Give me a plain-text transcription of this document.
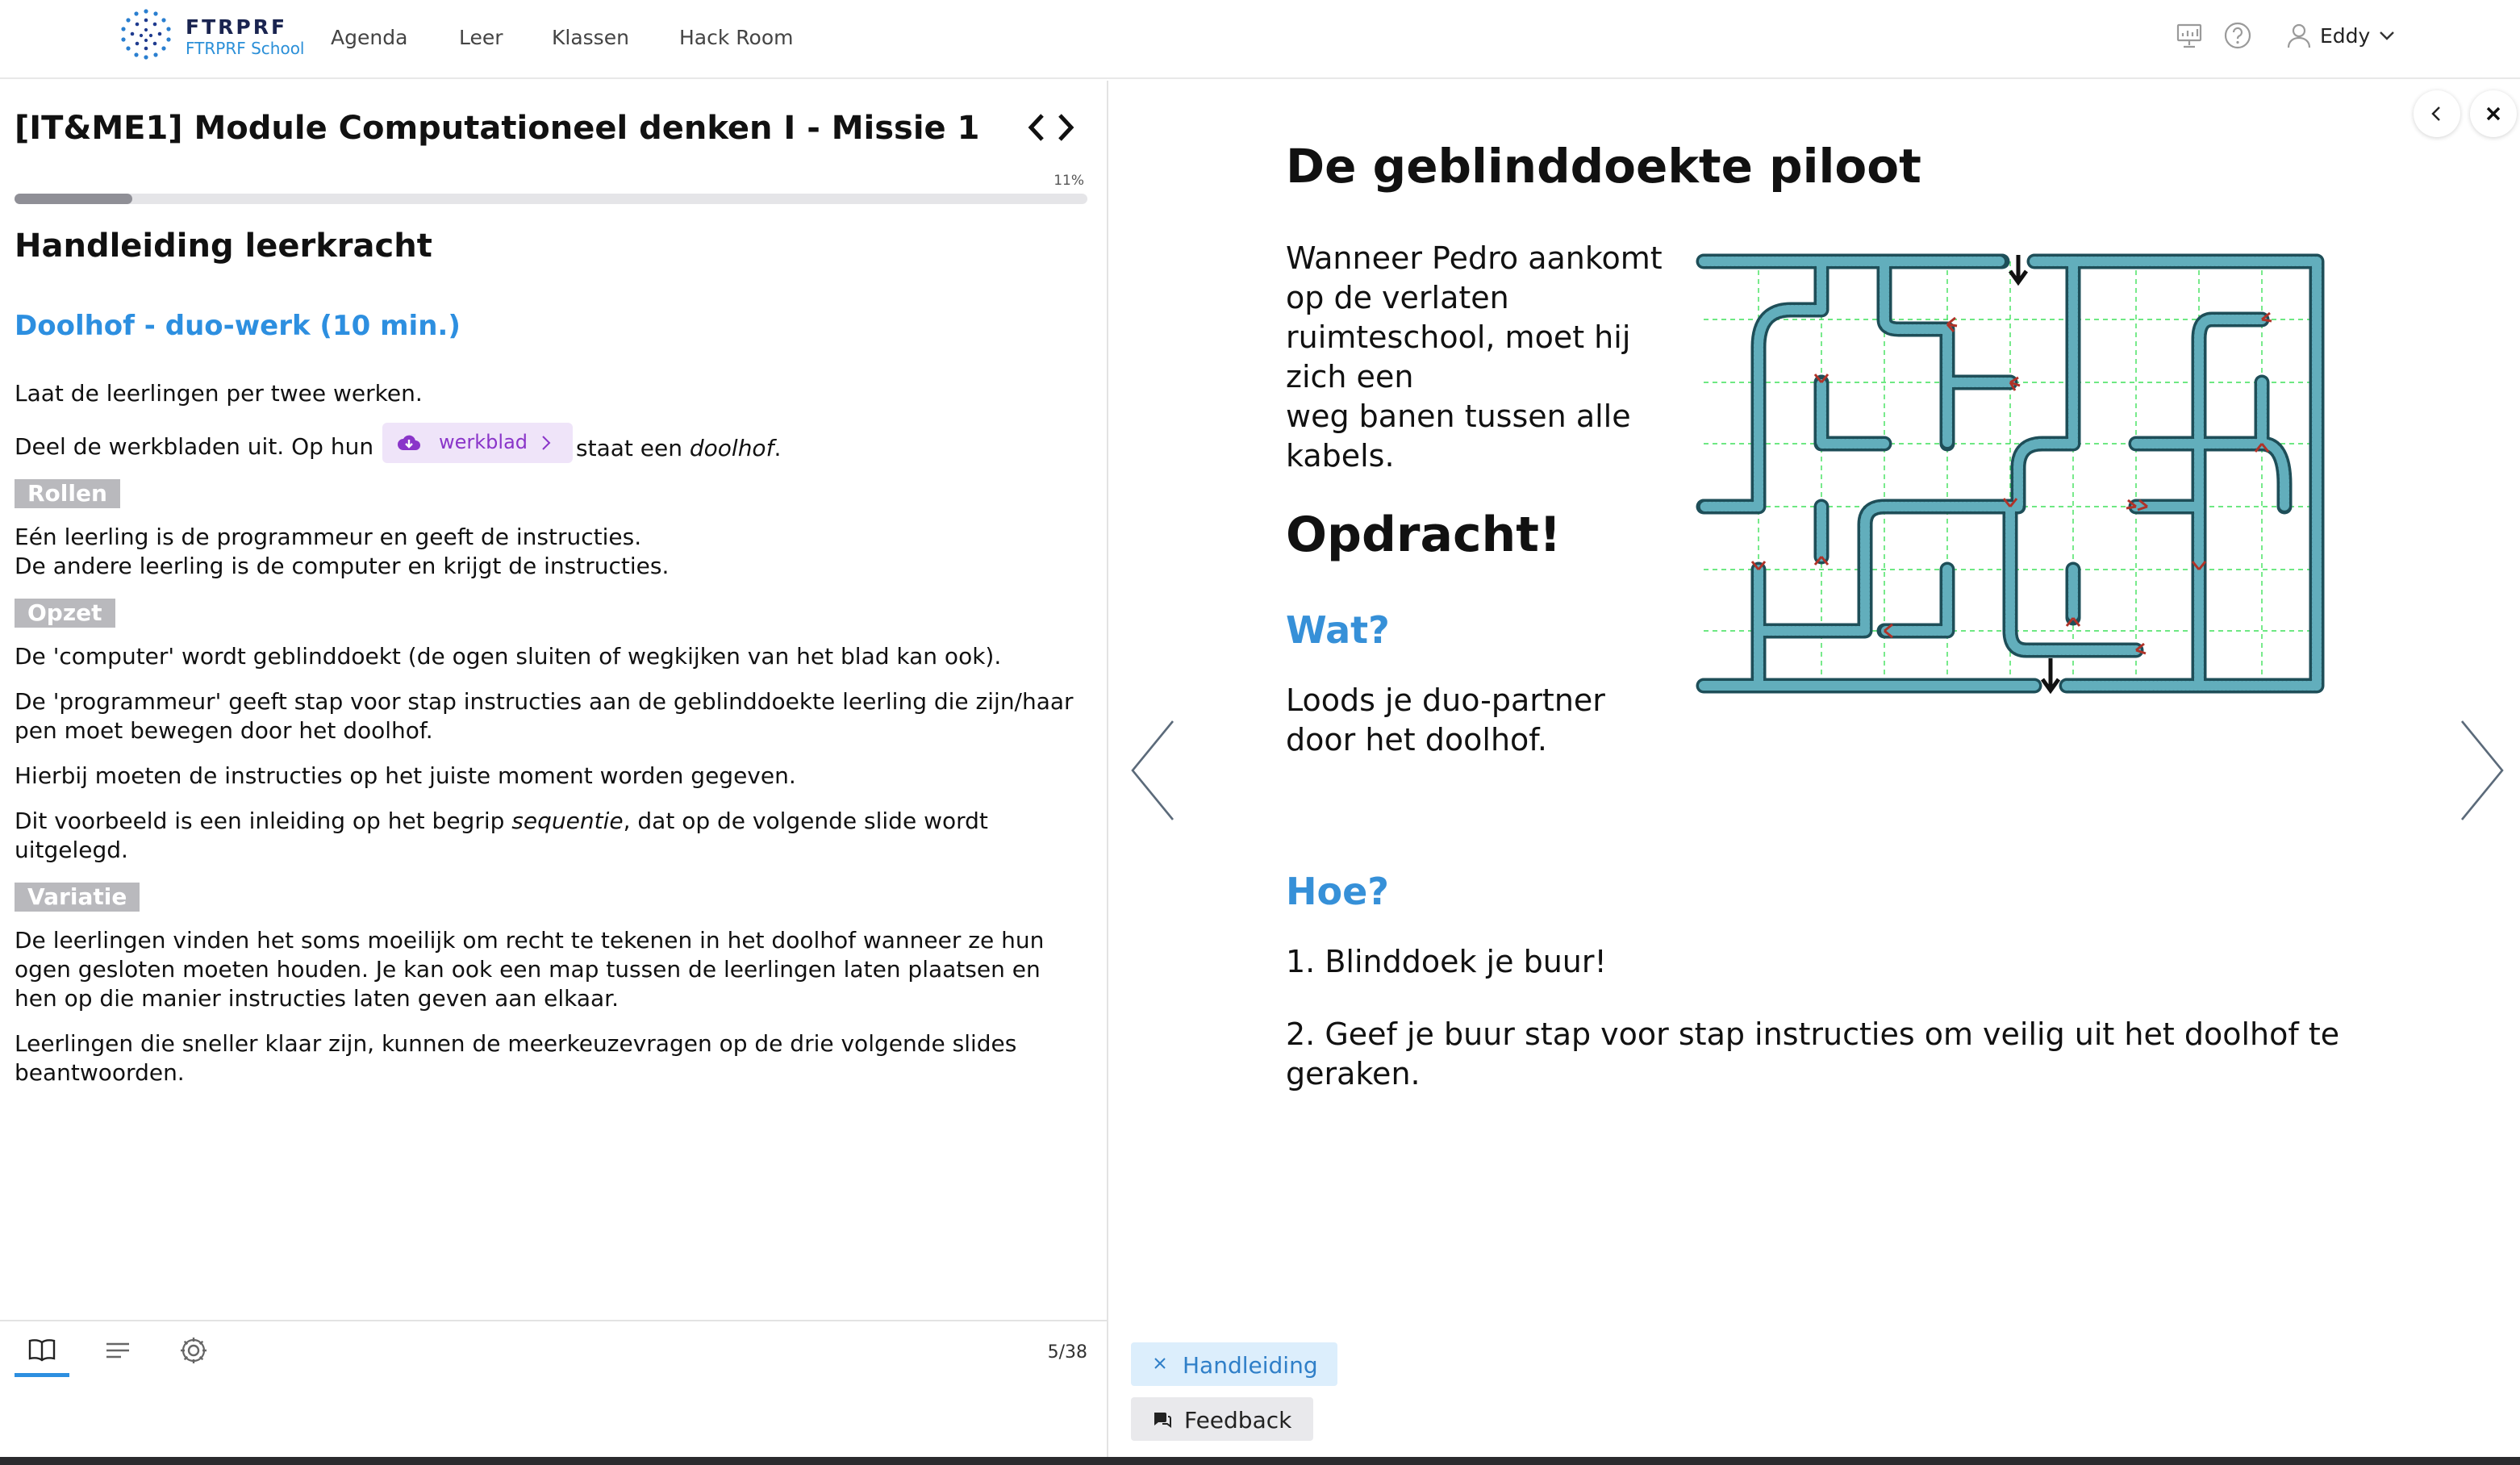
FTRPRF
FTRPRF School Agenda	Leer Klassen Hack Room	Eddy
[IT&ME1] Module Computationeel denken I - Missie 1
11%
Handleiding leerkracht
Doolhof - duo-werk (10 min.)
Laat de leerlingen per twee werken.
Deel de werkbladen uit. Op hun	werkblad staat een doolhof.
Rollen
Eén leerling is de programmeur en geeft de instructies.
De andere leerling is de computer en krijgt de instructies.
Opzet
De 'computer' wordt geblinddoekt (de ogen sluiten of wegkijken van het blad kan ook).
De 'programmeur' geeft stap voor stap instructies aan de geblinddoekte leerling die zijn/haar pen moet bewegen door het doolhof.
Hierbij moeten de instructies op het juiste moment worden gegeven.
Dit voorbeeld is een inleiding op het begrip sequentie, dat op de volgende slide wordt uitgelegd.
Variatie
De leerlingen vinden het soms moeilijk om recht te tekenen in het doolhof wanneer ze hun ogen gesloten moeten houden. Je kan ook een map tussen de leerlingen laten plaatsen en hen op die manier instructies laten geven aan elkaar.
Leerlingen die sneller klaar zijn, kunnen de meerkeuzevragen op de drie volgende slides beantwoorden.
5/38
De geblinddoekte piloot
Wanneer Pedro aankomt op de verlaten ruimteschool, moet hij zich een
weg banen tussen alle kabels.
Opdracht!
Wat?
Loods je duo-partner door het doolhof.
Hoe?
1. Blinddoek je buur!
2. Geef je buur stap voor stap instructies om veilig uit het doolhof te geraken.
Handleiding
Feedback
